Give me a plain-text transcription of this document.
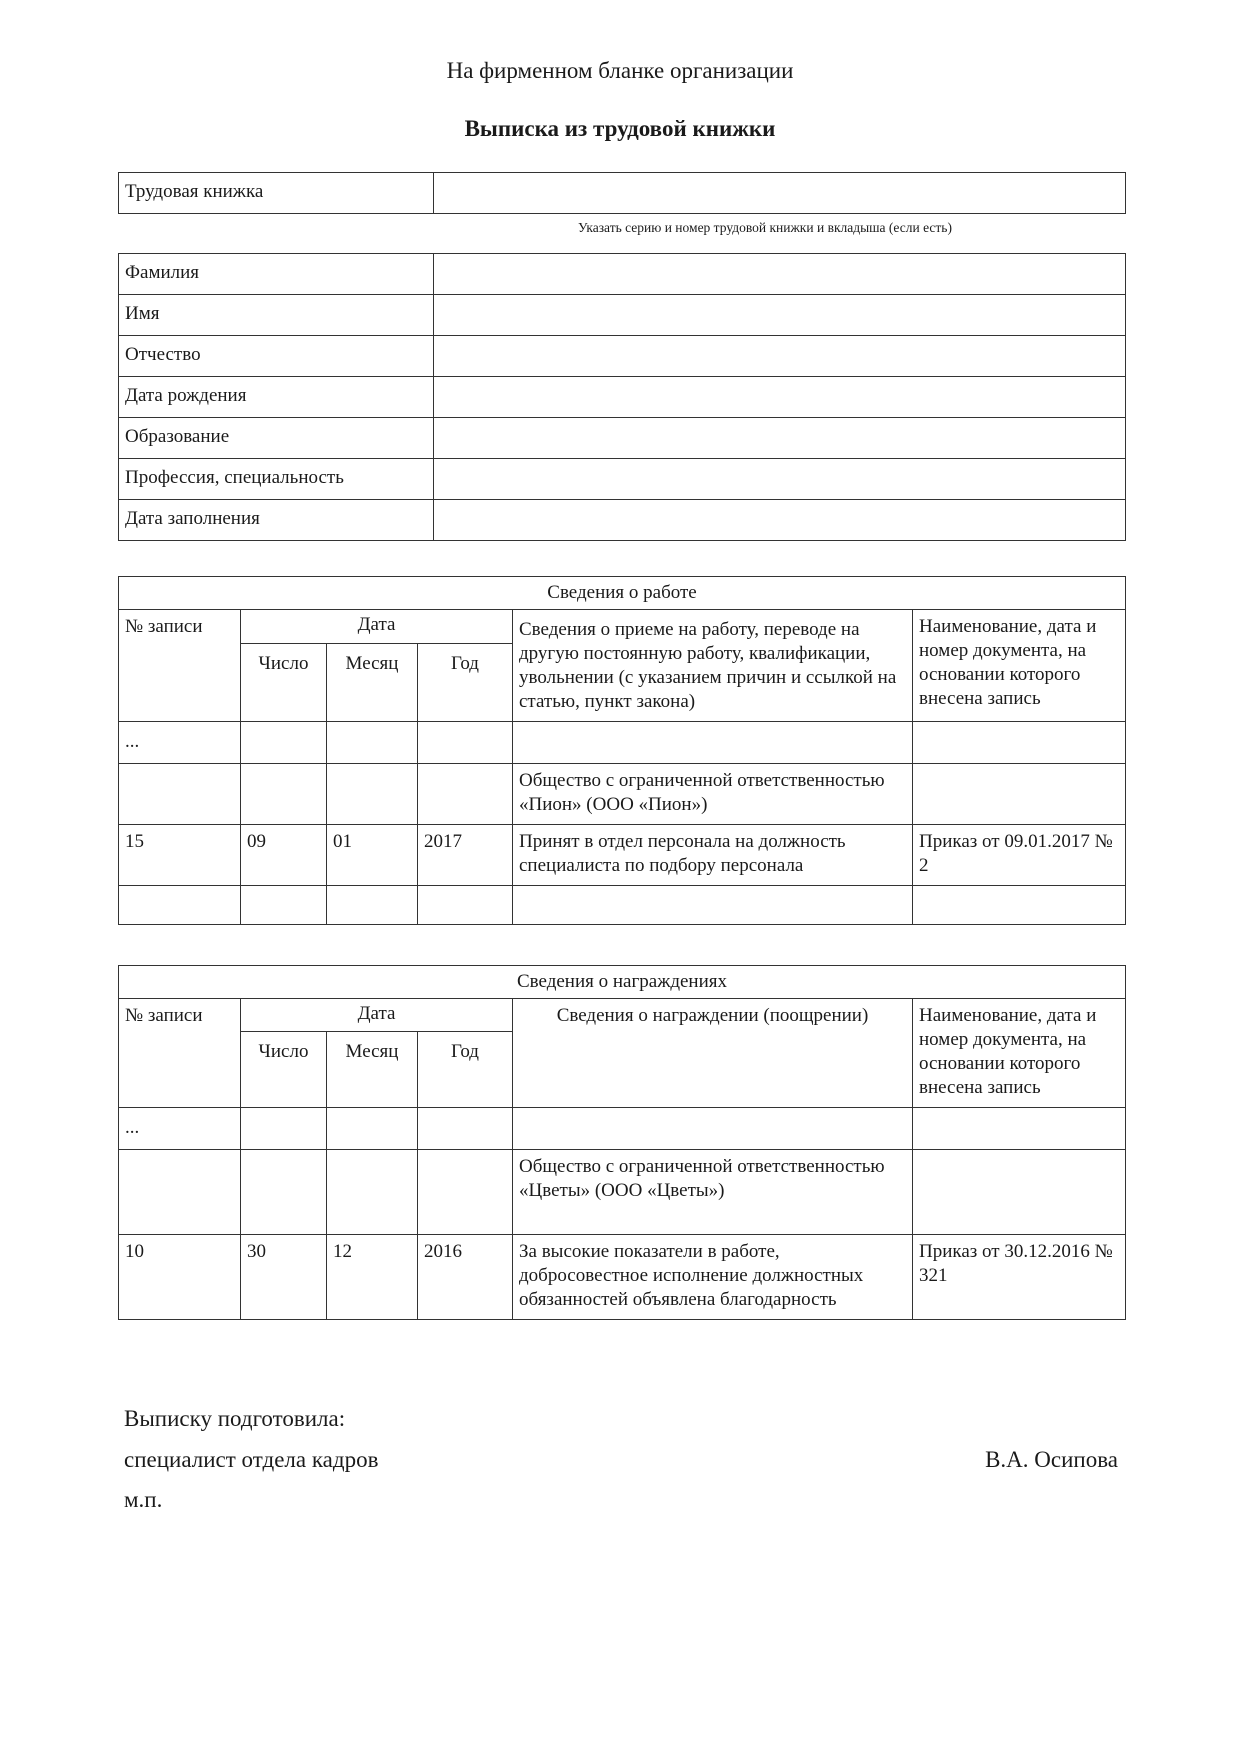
На фирменном бланке организации
Выписка из трудовой книжки
Трудовая книжка	
Указать серию и номер трудовой книжки и вкладыша (если есть)
Фамилия	
Имя	
Отчество	
Дата рождения	
Образование	
Профессия, специальность	
Дата заполнения	
Сведения о работе					
№ записи	Дата			Сведения о приеме на работу, переводе на другую постоянную работу, квалификации, увольнении (с указанием причин и ссылкой на статью, пункт закона)	Наименование, дата и номер документа, на основании которого внесена запись
	Число	Месяц	Год		
...					
				Общество с ограниченной ответственностью «Пион» (ООО «Пион»)	
15	09	01	2017	Принят в отдел персонала на должность специалиста по подбору персонала	Приказ от 09.01.2017 № 2

Сведения о награждениях					
№ записи	Дата			Сведения о награждении (поощрении)	Наименование, дата и номер документа, на основании которого внесена запись
	Число	Месяц	Год		
...					
				Общество с ограниченной ответственностью «Цветы» (ООО «Цветы»)	
10	30	12	2016	За высокие показатели в работе, добросовестное исполнение должностных обязанностей объявлена благодарность	Приказ от 30.12.2016 № 321
Выписку подготовила:
специалист отдела кадров	В.А. Осипова
м.п.
